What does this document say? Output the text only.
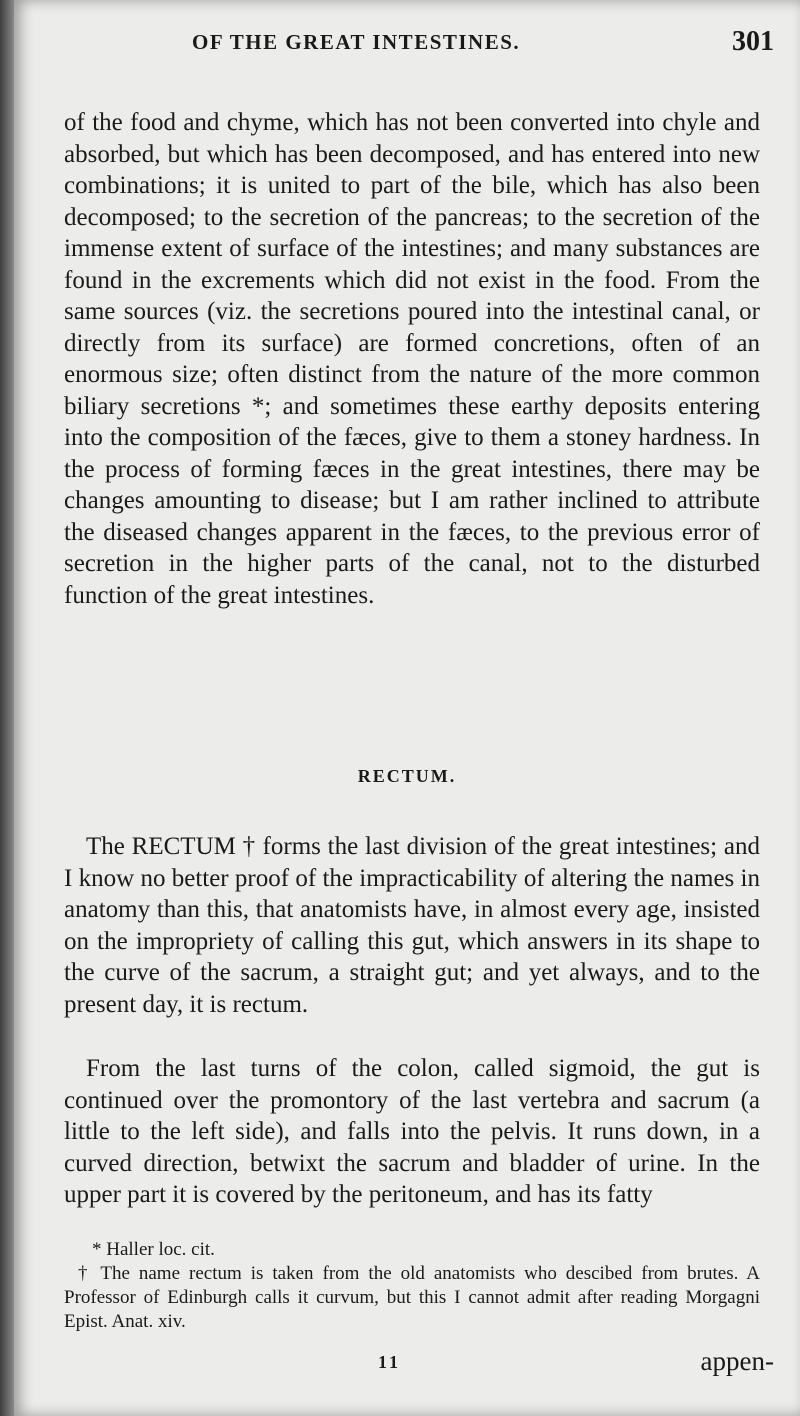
OF THE GREAT INTESTINES.	301

of the food and chyme, which has not been converted into chyle and absorbed, but which has been decomposed, and has entered into new combinations; it is united to part of the bile, which has also been decomposed; to the secretion of the pancreas; to the secretion of the immense extent of surface of the intestines; and many substances are found in the excrements which did not exist in the food. From the same sources (viz. the secretions poured into the intestinal canal, or directly from its surface) are formed concretions, often of an enormous size; often distinct from the nature of the more common biliary secretions *; and sometimes these earthy deposits entering into the composition of the fæces, give to them a stoney hardness. In the process of forming fæces in the great intestines, there may be changes amounting to disease; but I am rather inclined to attribute the diseased changes apparent in the fæces, to the previous error of secretion in the higher parts of the canal, not to the disturbed function of the great intestines.

RECTUM.

The RECTUM † forms the last division of the great intestines; and I know no better proof of the impracticability of altering the names in anatomy than this, that anatomists have, in almost every age, insisted on the impropriety of calling this gut, which answers in its shape to the curve of the sacrum, a straight gut; and yet always, and to the present day, it is rectum.

From the last turns of the colon, called sigmoid, the gut is continued over the promontory of the last vertebra and sacrum (a little to the left side), and falls into the pelvis. It runs down, in a curved direction, betwixt the sacrum and bladder of urine. In the upper part it is covered by the peritoneum, and has its fatty

* Haller loc. cit.
† The name rectum is taken from the old anatomists who descibed from brutes. A Professor of Edinburgh calls it curvum, but this I cannot admit after reading Morgagni Epist. Anat. xiv.
11	appen-
